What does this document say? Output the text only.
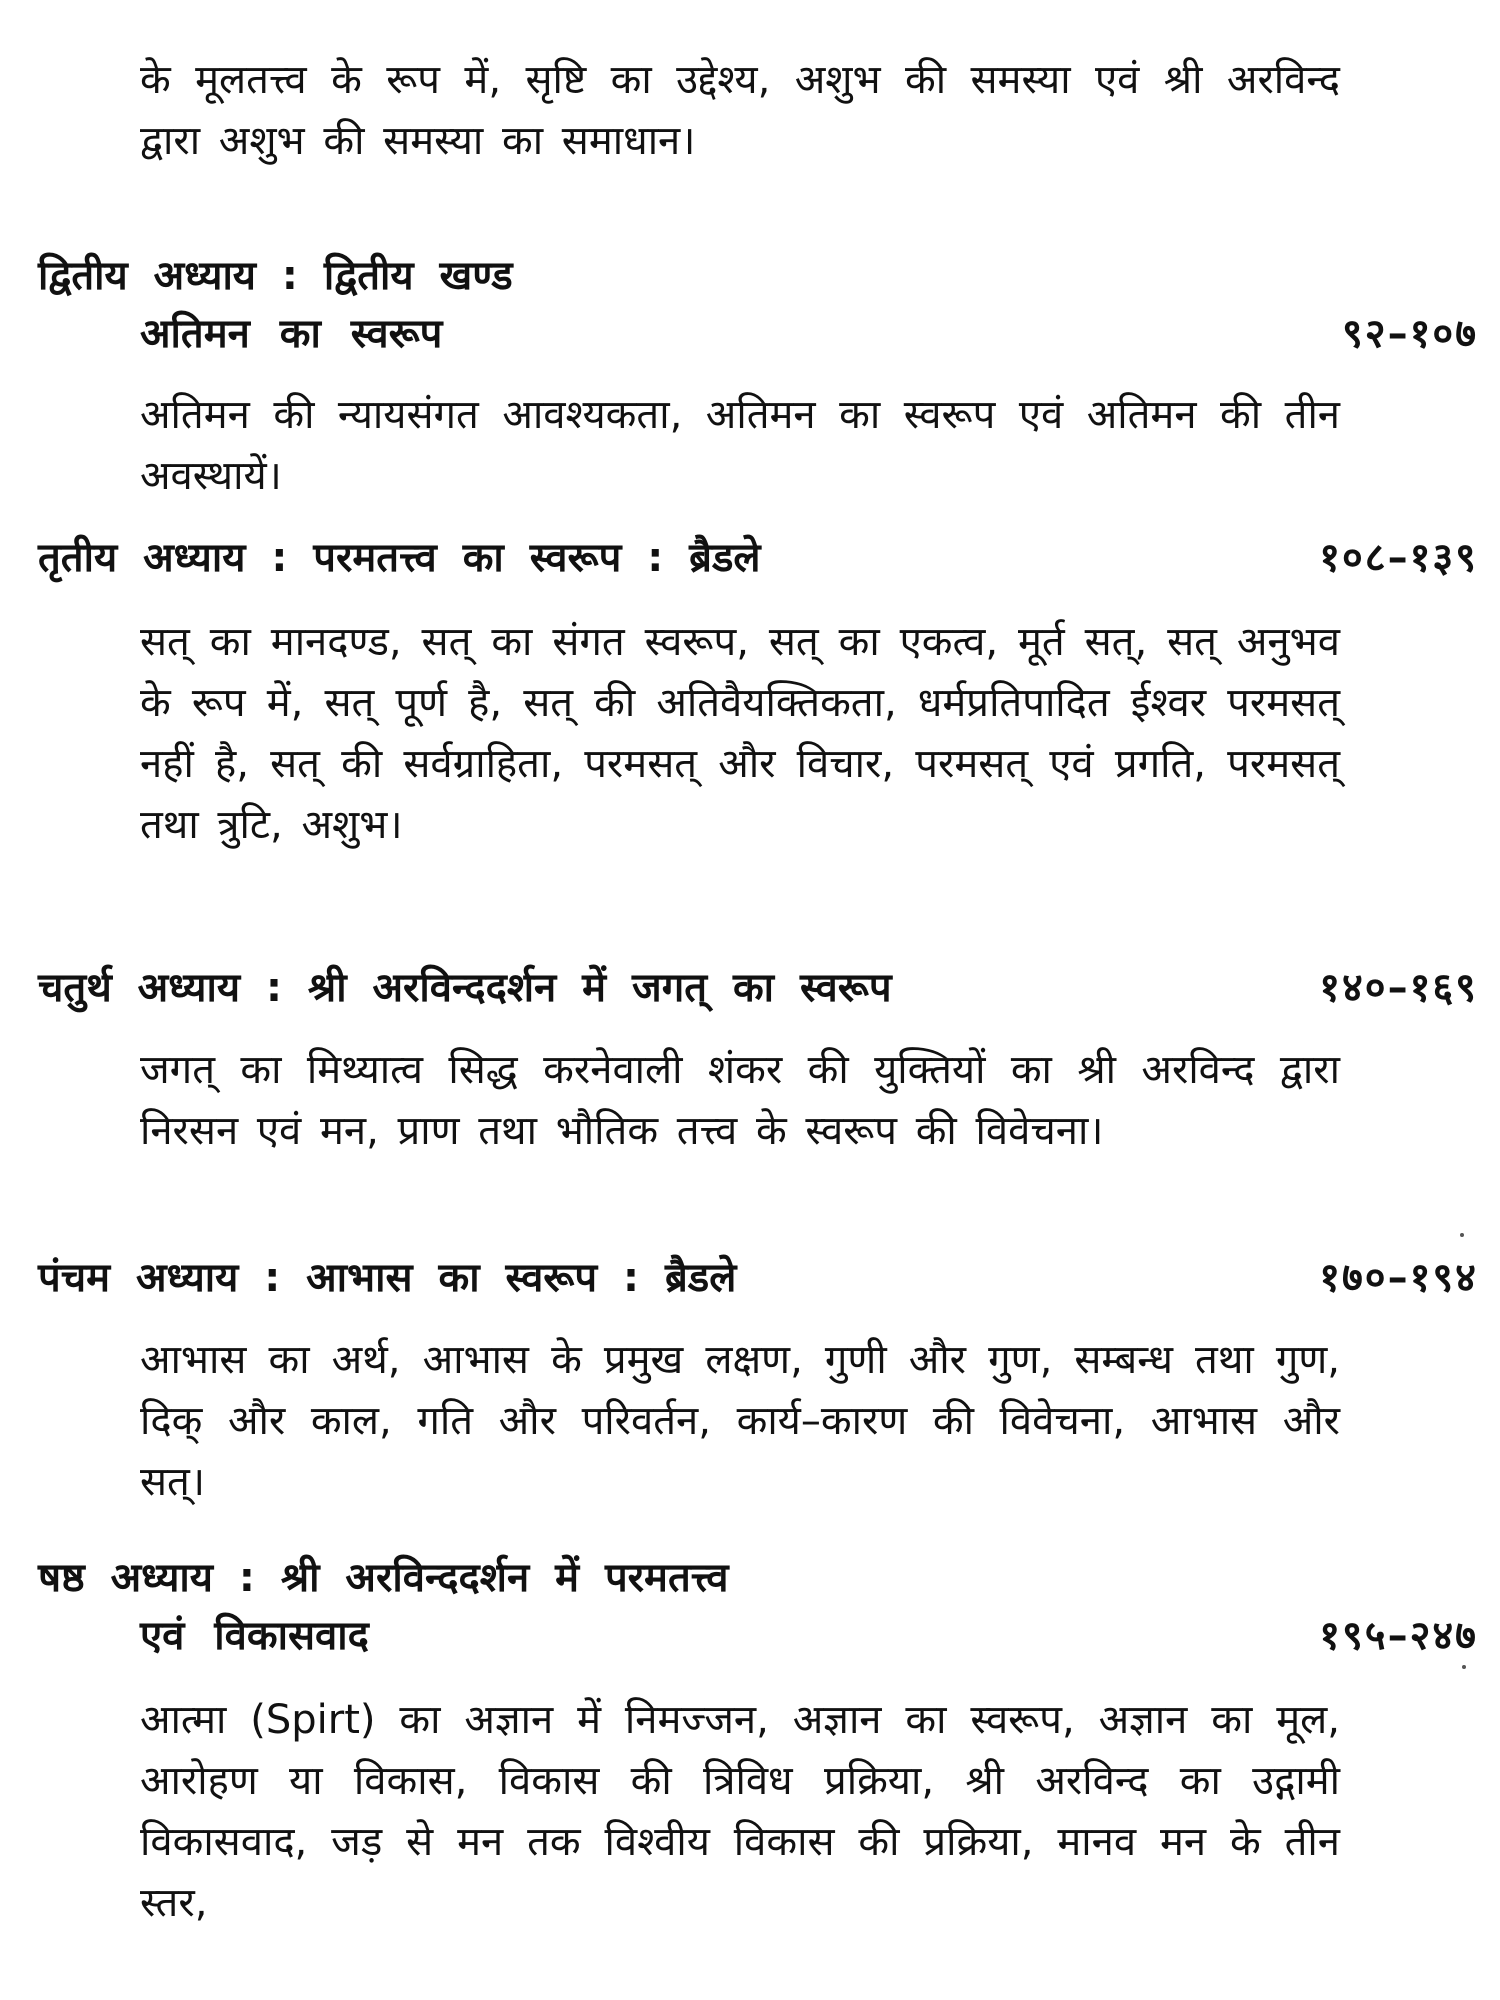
के मूलतत्त्व के रूप में, सृष्टि का उद्देश्य, अशुभ की समस्या एवं श्री अरविन्द द्वारा अशुभ की समस्या का समाधान।

द्वितीय अध्याय : द्वितीय खण्ड
अतिमन का स्वरूप	९२–१०७

अतिमन की न्यायसंगत आवश्यकता, अतिमन का स्वरूप एवं अतिमन की तीन अवस्थायें।

तृतीय अध्याय : परमतत्त्व का स्वरूप : ब्रैडले	१०८–१३९

सत् का मानदण्ड, सत् का संगत स्वरूप, सत् का एकत्व, मूर्त सत्, सत् अनुभव के रूप में, सत् पूर्ण है, सत् की अतिवैयक्तिकता, धर्मप्रतिपादित ईश्वर परमसत् नहीं है, सत् की सर्वग्राहिता, परमसत् और विचार, परमसत् एवं प्रगति, परमसत् तथा त्रुटि, अशुभ।

चतुर्थ अध्याय : श्री अरविन्ददर्शन में जगत् का स्वरूप	१४०–१६९

जगत् का मिथ्यात्व सिद्ध करनेवाली शंकर की युक्तियों का श्री अरविन्द द्वारा निरसन एवं मन, प्राण तथा भौतिक तत्त्व के स्वरूप की विवेचना।

पंचम अध्याय : आभास का स्वरूप : ब्रैडले	१७०–१९४

आभास का अर्थ, आभास के प्रमुख लक्षण, गुणी और गुण, सम्बन्ध तथा गुण, दिक् और काल, गति और परिवर्तन, कार्य–कारण की विवेचना, आभास और सत्।

षष्ठ अध्याय : श्री अरविन्ददर्शन में परमतत्त्व
एवं विकासवाद	१९५–२४७

आत्मा (Spirt) का अज्ञान में निमज्जन, अज्ञान का स्वरूप, अज्ञान का मूल, आरोहण या विकास, विकास की त्रिविध प्रक्रिया, श्री अरविन्द का उद्गामी विकासवाद, जड़ से मन तक विश्वीय विकास की प्रक्रिया, मानव मन के तीन स्तर,
